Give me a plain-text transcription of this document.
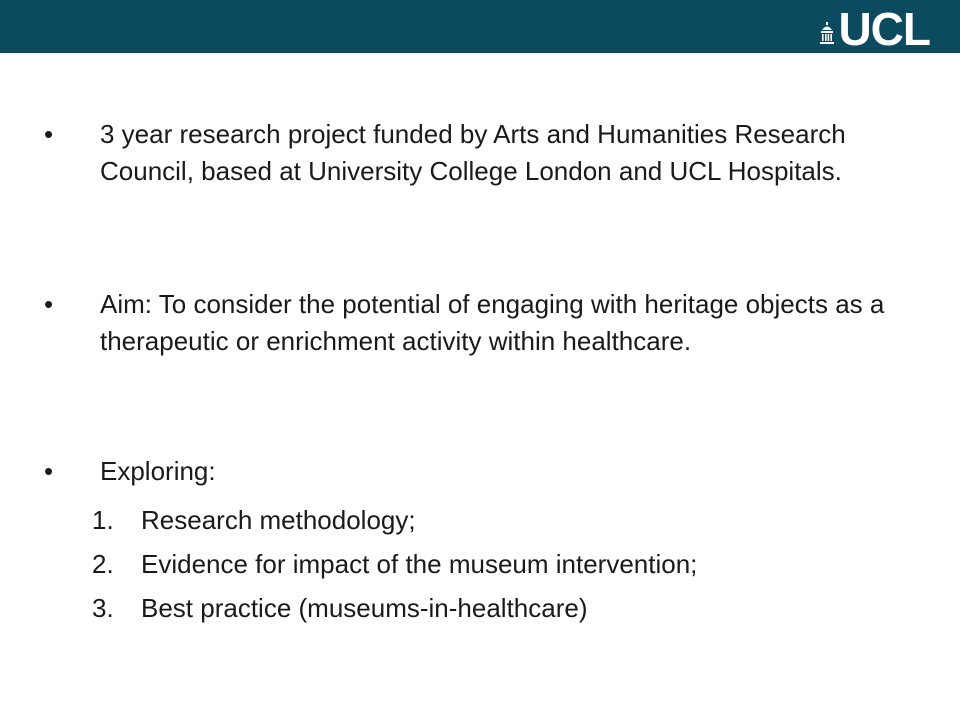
UCL
• 3 year research project funded by Arts and Humanities Research Council, based at University College London and UCL Hospitals.
• Aim: To consider the potential of engaging with heritage objects as a therapeutic or enrichment activity within healthcare.
• Exploring:
1. Research methodology;
2. Evidence for impact of the museum intervention;
3. Best practice (museums-in-healthcare)
